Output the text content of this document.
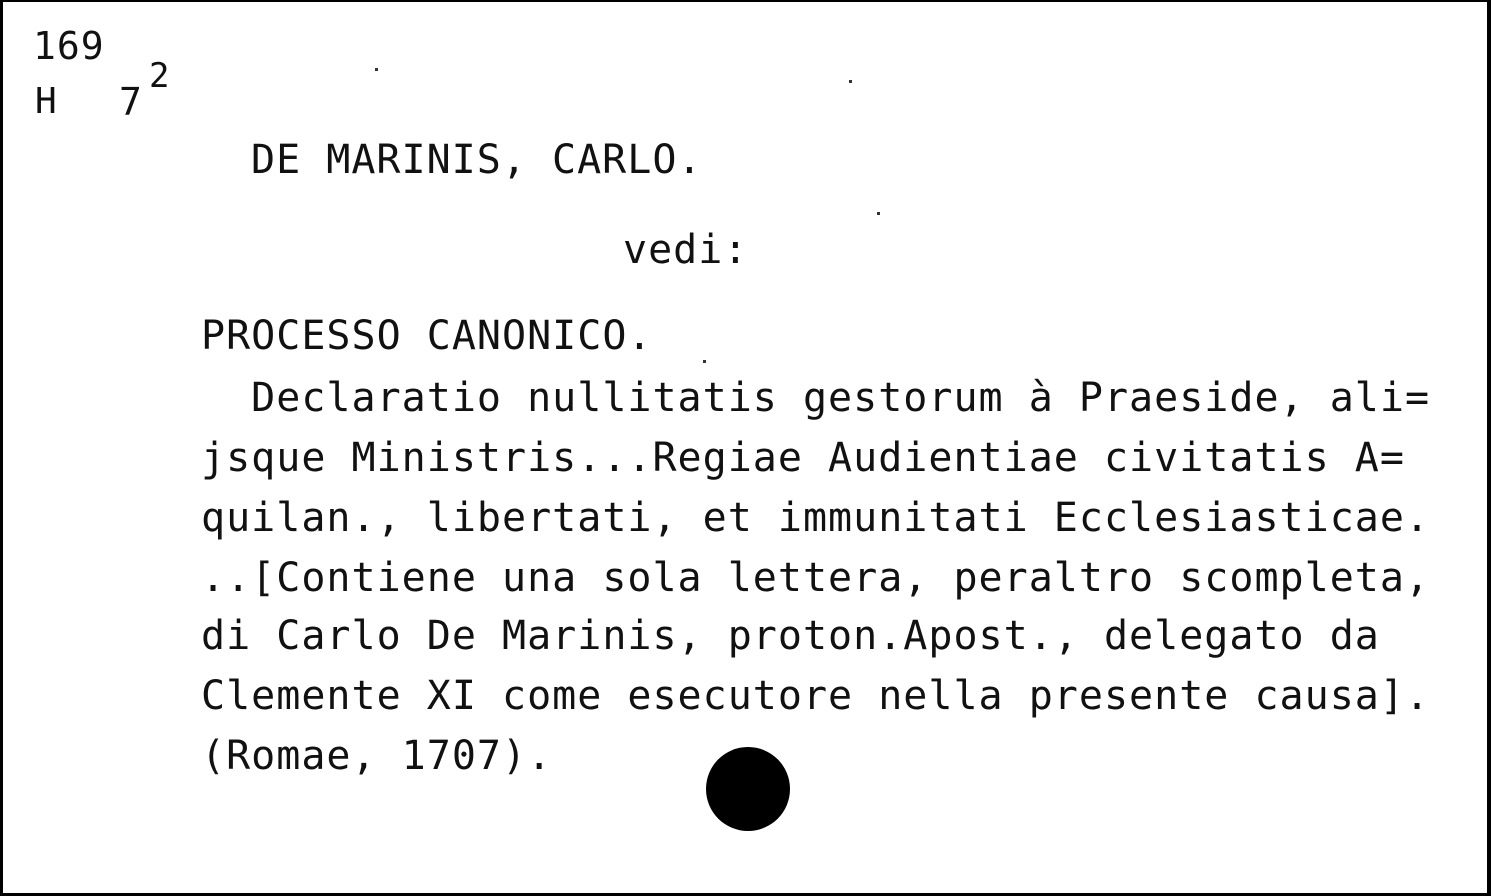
169
H 7
2
DE MARINIS, CARLO.
vedi:
PROCESSO CANONICO.
Declaratio nullitatis gestorum à Praeside, ali=
jsque Ministris...Regiae Audientiae civitatis A=
quilan., libertati, et immunitati Ecclesiasticae.
..[Contiene una sola lettera, peraltro scompleta,
di Carlo De Marinis, proton.Apost., delegato da
Clemente XI come esecutore nella presente causa].
(Romae, 1707).
